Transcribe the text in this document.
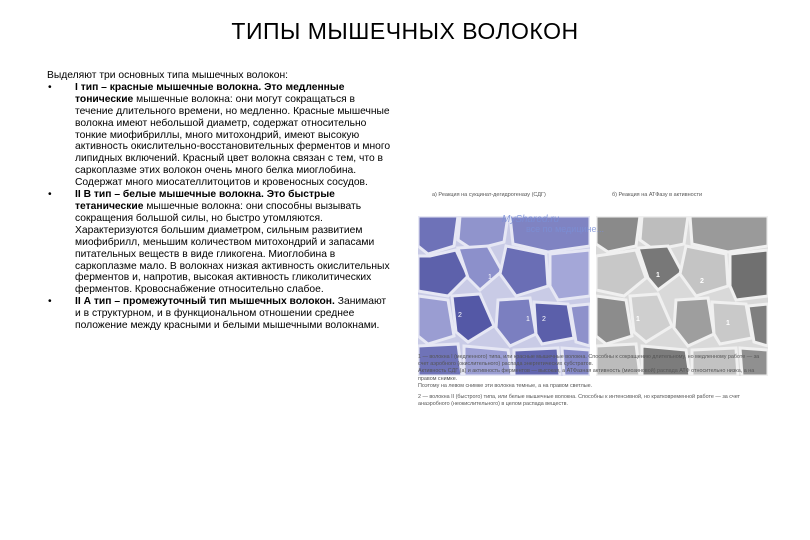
ТИПЫ МЫШЕЧНЫХ ВОЛОКОН

Выделяют три основных типа мышечных волокон:

• I тип – красные мышечные волокна. Это медленные тонические мышечные волокна: они могут сокращаться в течение длительного времени, но медленно. Красные мышечные волокна имеют небольшой диаметр, содержат относительно тонкие миофибриллы, много митохондрий, имеют высокую активность окислительно-восстановительных ферментов и много липидных включений. Красный цвет волокна связан с тем, что в саркоплазме этих волокон очень много белка миоглобина. Содержат много миосателлитоцитов и кровеносных сосудов.

• II В тип – белые мышечные волокна. Это быстрые тетанические мышечные волокна: они способны вызывать сокращения большой силы, но быстро утомляются. Характеризуются большим диаметром, сильным развитием миофибрилл, меньшим количеством митохондрий и запасами питательных веществ в виде гликогена. Миоглобина в саркоплазме мало. В волокнах низкая активность окислительных ферментов и, напротив, высокая активность гликолитических ферментов. Кровоснабжение относительно слабое.

• II А тип – промежуточный тип мышечных волокон. Занимают и в структурном, и в функциональном отношении среднее положение между красными и белыми мышечными волокнами.

а) Реакция на сукцинат-дегидрогеназу (СДГ)	б) Реакция на АТФазу в активности
1
2
1 2
1
2
1
1
MyShared.ru
все по медицине...
1 — волокна I (медленного) типа, или красные мышечные волокна. Способны к сокращению длительному, но медленному работе — за счет аэробного (окислительного) распада энергетических субстратов.
Активность СДГ (а) и активность ферментов — высокая, а АТФазная активность (миозиновой) распада АТФ относительно низка, а на правом снимке.
Поэтому на левом снимке эти волокна темные, а на правом светлые.
2 — волокна II (быстрого) типа, или белые мышечные волокна. Способны к интенсивной, но кратковременной работе — за счет анаэробного (неокислительного) в целом распада веществ.
